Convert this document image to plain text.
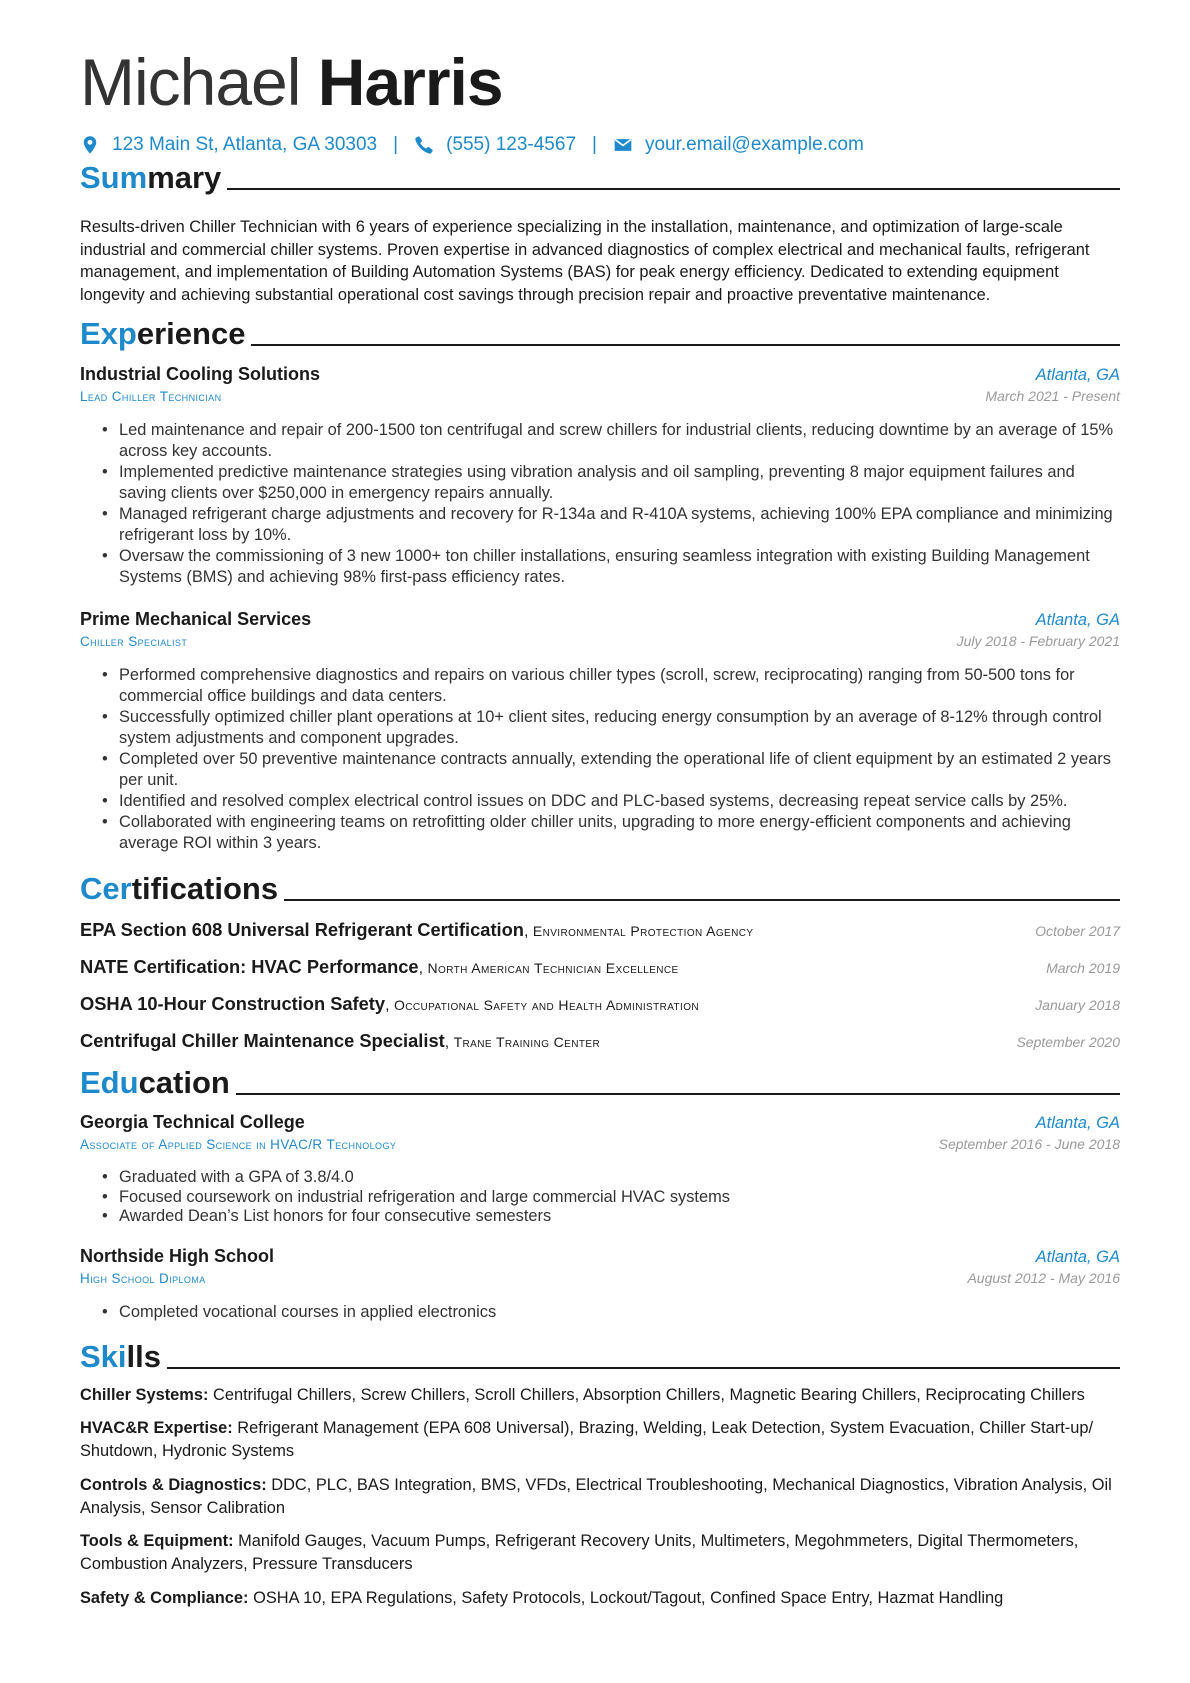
Michael Harris
123 Main St, Atlanta, GA 30303 |	(555) 123-4567 |	your.email@example.com
Summary
Results-driven Chiller Technician with 6 years of experience specializing in the installation, maintenance, and optimization of large-scale industrial and commercial chiller systems. Proven expertise in advanced diagnostics of complex electrical and mechanical faults, refrigerant management, and implementation of Building Automation Systems (BAS) for peak energy efficiency. Dedicated to extending equipment longevity and achieving substantial operational cost savings through precision repair and proactive preventative maintenance.
Experience
Industrial Cooling Solutions	Atlanta, GA
Lead Chiller Technician	March 2021 - Present
• Led maintenance and repair of 200-1500 ton centrifugal and screw chillers for industrial clients, reducing downtime by an average of 15% across key accounts.
• Implemented predictive maintenance strategies using vibration analysis and oil sampling, preventing 8 major equipment failures and saving clients over $250,000 in emergency repairs annually.
• Managed refrigerant charge adjustments and recovery for R-134a and R-410A systems, achieving 100% EPA compliance and minimizing refrigerant loss by 10%.
• Oversaw the commissioning of 3 new 1000+ ton chiller installations, ensuring seamless integration with existing Building Management Systems (BMS) and achieving 98% first-pass efficiency rates.
Prime Mechanical Services	Atlanta, GA
Chiller Specialist	July 2018 - February 2021
• Performed comprehensive diagnostics and repairs on various chiller types (scroll, screw, reciprocating) ranging from 50-500 tons for commercial office buildings and data centers.
• Successfully optimized chiller plant operations at 10+ client sites, reducing energy consumption by an average of 8-12% through control system adjustments and component upgrades.
• Completed over 50 preventive maintenance contracts annually, extending the operational life of client equipment by an estimated 2 years per unit.
• Identified and resolved complex electrical control issues on DDC and PLC-based systems, decreasing repeat service calls by 25%.
• Collaborated with engineering teams on retrofitting older chiller units, upgrading to more energy-efficient components and achieving average ROI within 3 years.
Certifications
EPA Section 608 Universal Refrigerant Certification, Environmental Protection Agency	October 2017
NATE Certification: HVAC Performance, North American Technician Excellence	March 2019
OSHA 10-Hour Construction Safety, Occupational Safety and Health Administration	January 2018
Centrifugal Chiller Maintenance Specialist, Trane Training Center	September 2020
Education
Georgia Technical College	Atlanta, GA
Associate of Applied Science in HVAC/R Technology	September 2016 - June 2018
• Graduated with a GPA of 3.8/4.0
• Focused coursework on industrial refrigeration and large commercial HVAC systems
• Awarded Dean’s List honors for four consecutive semesters
Northside High School	Atlanta, GA
High School Diploma	August 2012 - May 2016
• Completed vocational courses in applied electronics
Skills
Chiller Systems: Centrifugal Chillers, Screw Chillers, Scroll Chillers, Absorption Chillers, Magnetic Bearing Chillers, Reciprocating Chillers
HVAC&R Expertise: Refrigerant Management (EPA 608 Universal), Brazing, Welding, Leak Detection, System Evacuation, Chiller Start-up/ Shutdown, Hydronic Systems
Controls & Diagnostics: DDC, PLC, BAS Integration, BMS, VFDs, Electrical Troubleshooting, Mechanical Diagnostics, Vibration Analysis, Oil Analysis, Sensor Calibration
Tools & Equipment: Manifold Gauges, Vacuum Pumps, Refrigerant Recovery Units, Multimeters, Megohmmeters, Digital Thermometers, Combustion Analyzers, Pressure Transducers
Safety & Compliance: OSHA 10, EPA Regulations, Safety Protocols, Lockout/Tagout, Confined Space Entry, Hazmat Handling
